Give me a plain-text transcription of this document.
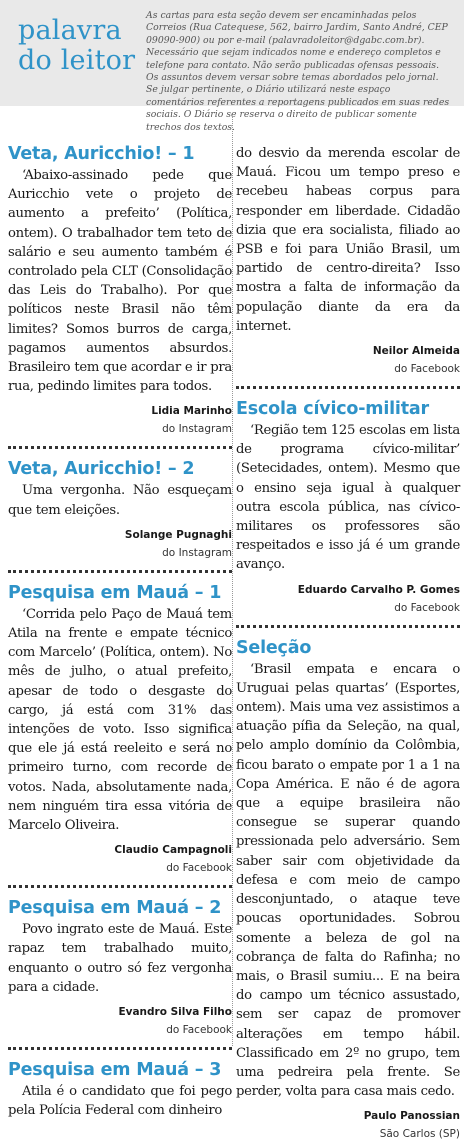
palavra
do leitor
As cartas para esta seção devem ser encaminhadas pelos Correios (Rua Catequese, 562, bairro Jardim, Santo André, CEP 09090-900) ou por e-mail (palavradoleitor@dgabc.com.br). Necessário que sejam indicados nome e endereço completos e telefone para contato. Não serão publicadas ofensas pessoais. Os assuntos devem versar sobre temas abordados pelo jornal. Se julgar pertinente, o Diário utilizará neste espaço comentários referentes a reportagens publicados em suas redes sociais. O Diário se reserva o direito de publicar somente trechos dos textos.
Veta, Auricchio! – 1

‘Abaixo-assinado pede que Auricchio vete o projeto de aumento a prefeito’ (Política, ontem). O trabalhador tem teto de salário e seu aumento também é controlado pela CLT (Consolidação das Leis do Trabalho). Por que políticos neste Brasil não têm limites? Somos burros de carga, pagamos aumentos absurdos. Brasileiro tem que acordar e ir pra rua, pedindo limites para todos.

Lidia Marinho
do Instagram
Veta, Auricchio! – 2

Uma vergonha. Não esqueçam que tem eleições.

Solange Pugnaghi
do Instagram
Pesquisa em Mauá – 1

‘Corrida pelo Paço de Mauá tem Atila na frente e empate técnico com Marcelo’ (Política, ontem). No mês de julho, o atual prefeito, apesar de todo o desgaste do cargo, já está com 31% das intenções de voto. Isso significa que ele já está reeleito e será no primeiro turno, com recorde de votos. Nada, absolutamente nada, nem ninguém tira essa vitória de Marcelo Oliveira.

Claudio Campagnoli
do Facebook
Pesquisa em Mauá – 2

Povo ingrato este de Mauá. Este rapaz tem trabalhado muito, enquanto o outro só fez vergonha para a cidade.

Evandro Silva Filho
do Facebook
Pesquisa em Mauá – 3

Atila é o candidato que foi pego pela Polícia Federal com dinheiro

do desvio da merenda escolar de Mauá. Ficou um tempo preso e recebeu habeas corpus para responder em liberdade. Cidadão dizia que era socialista, filiado ao PSB e foi para União Brasil, um partido de centro-direita? Isso mostra a falta de informação da população diante da era da internet.

Neilor Almeida
do Facebook
Escola cívico-militar

‘Região tem 125 escolas em lista de programa cívico-militar’ (Setecidades, ontem). Mesmo que o ensino seja igual à qualquer outra escola pública, nas cívico-militares os professores são respeitados e isso já é um grande avanço.

Eduardo Carvalho P. Gomes
do Facebook
Seleção

‘Brasil empata e encara o Uruguai pelas quartas’ (Esportes, ontem). Mais uma vez assistimos a atuação pífia da Seleção, na qual, pelo amplo domínio da Colômbia, ficou barato o empate por 1 a 1 na Copa América. E não é de agora que a equipe brasileira não consegue se superar quando pressionada pelo adversário. Sem saber sair com objetividade da defesa e com meio de campo desconjuntado, o ataque teve poucas oportunidades. Sobrou somente a beleza de gol na cobrança de falta do Rafinha; no mais, o Brasil sumiu... E na beira do campo um técnico assustado, sem ser capaz de promover alterações em tempo hábil. Classificado em 2º no grupo, tem uma pedreira pela frente. Se perder, volta para casa mais cedo.

Paulo Panossian
São Carlos (SP)
